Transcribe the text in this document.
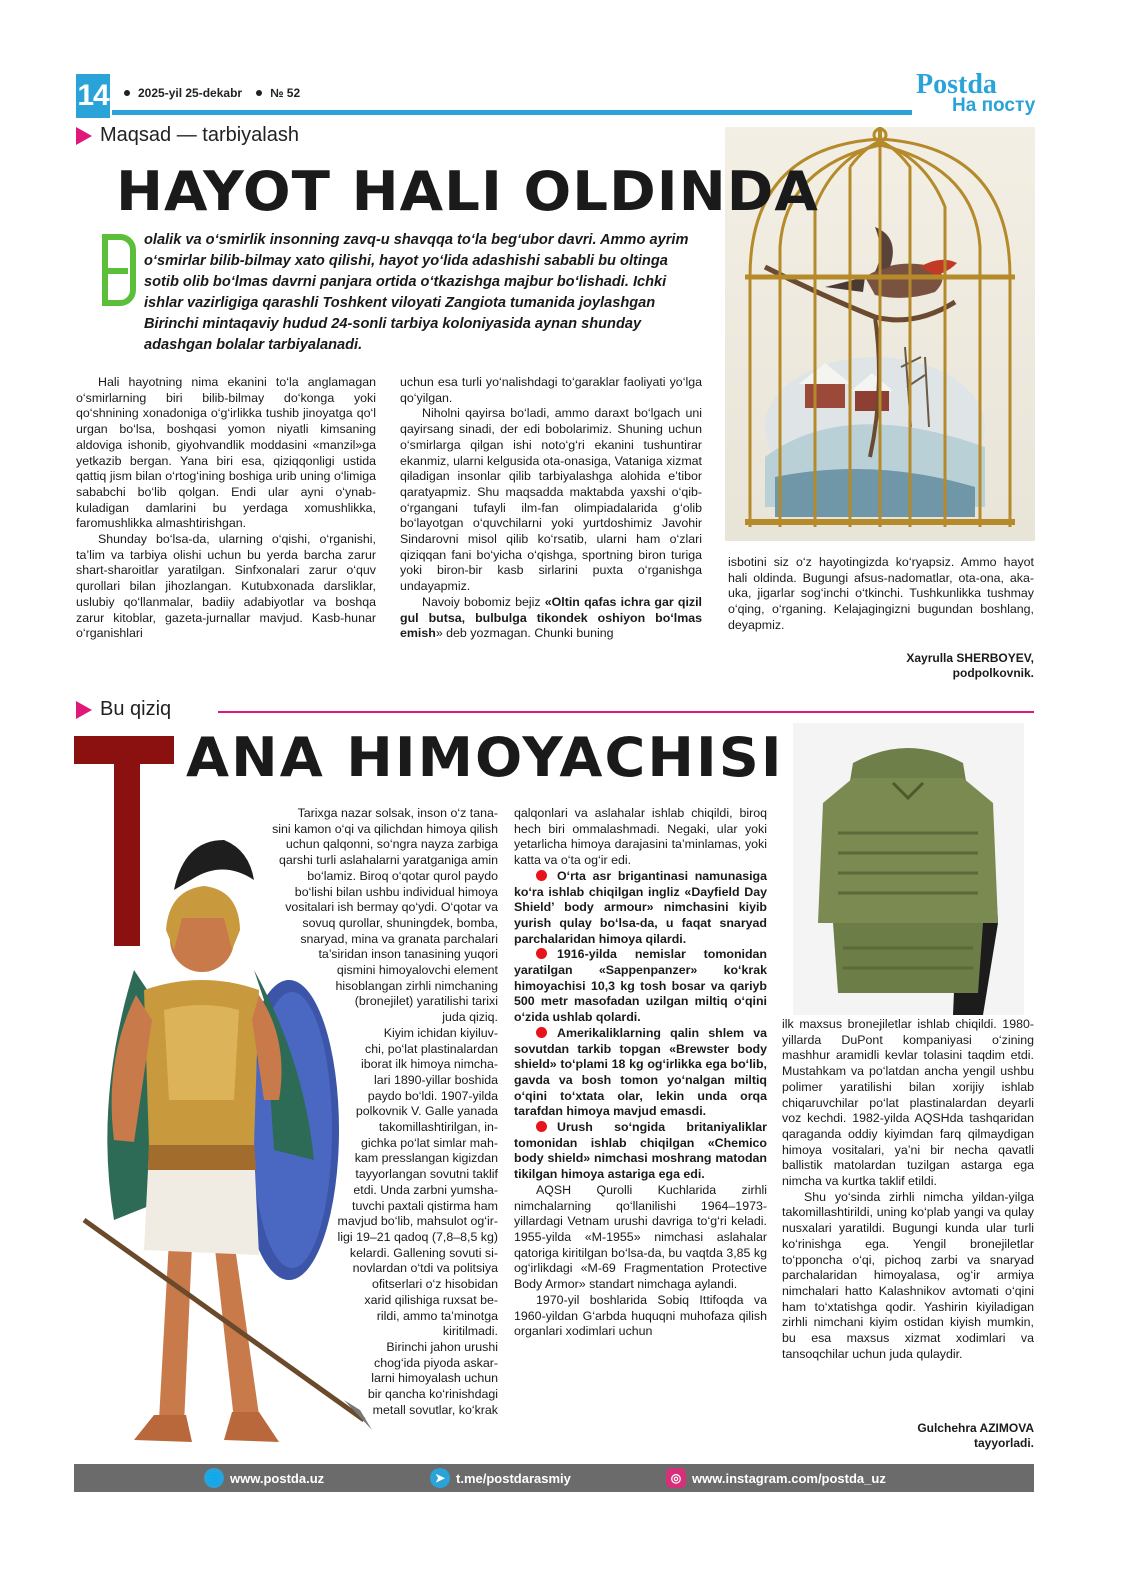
14 2025-yil 25-dekabr № 52	Postda
На посту
Maqsad — tarbiyalash
HAYOT HALI OLDINDA
olalik va o‘smirlik insonning zavq-u shavqqa to‘la beg‘ubor davri. Ammo ayrim o‘smirlar bilib-bilmay xato qilishi, hayot yo‘lida adashishi sababli bu oltinga sotib olib bo‘lmas davrni panjara ortida o‘tkazishga majbur bo‘lishadi. Ichki ishlar vazirligiga qarashli Toshkent viloyati Zangiota tumanida joylashgan Birinchi mintaqaviy hudud 24-sonli tarbiya koloniyasida aynan shunday adashgan bolalar tarbiyalanadi.

Hali hayotning nima ekanini to‘la anglamagan o‘smirlarning biri bilib-bilmay do‘konga yoki qo‘shnining xonadoniga o‘g‘irlikka tushib jinoyatga qo‘l urgan bo‘lsa, boshqasi yomon niyatli kimsaning aldoviga ishonib, giyohvandlik moddasini «manzil»ga yetkazib bergan. Yana biri esa, qiziqqonligi ustida qattiq jism bilan o‘rtog‘ining boshiga urib uning o‘limiga sababchi bo‘lib qolgan. Endi ular ayni o‘ynab-kuladigan damlarini bu yerdaga xomushlikka, faromushlikka almashtirishgan.

Shunday bo‘lsa-da, ularning o‘qishi, o‘rganishi, ta’lim va tarbiya olishi uchun bu yerda barcha zarur shart-sharoitlar yaratilgan. Sinfxonalari zarur o‘quv qurollari bilan jihozlangan. Kutubxonada darsliklar, uslubiy qo‘llanmalar, badiiy adabiyotlar va boshqa zarur kitoblar, gazeta-jurnallar mavjud. Kasb-hunar o‘rganishlari

uchun esa turli yo‘nalishdagi to‘garaklar faoliyati yo‘lga qo‘yilgan.

Niholni qayirsa bo‘ladi, ammo daraxt bo‘lgach uni qayirsang sinadi, der edi bobolarimiz. Shuning uchun o‘smirlarga qilgan ishi noto‘g‘ri ekanini tushuntirar ekanmiz, ularni kelgusida ota-onasiga, Vataniga xizmat qiladigan insonlar qilib tarbiyalashga alohida e’tibor qaratyapmiz. Shu maqsadda maktabda yaxshi o‘qib-o‘rgangani tufayli ilm-fan olimpiadalarida g‘olib bo‘layotgan o‘quvchilarni yoki yurtdoshimiz Javohir Sindarovni misol qilib ko‘rsatib, ularni ham o‘zlari qiziqqan fani bo‘yicha o‘qishga, sportning biron turiga yoki biron-bir kasb sirlarini puxta o‘rganishga undayapmiz.

Navoiy bobomiz bejiz «Oltin qafas ichra gar qizil gul butsa, bulbulga tikondek oshiyon bo‘lmas emish» deb yozmagan. Chunki buning

isbotini siz o‘z hayotingizda ko‘ryapsiz. Ammo hayot hali oldinda. Bugungi afsus-nadomatlar, ota-ona, aka-uka, jigarlar sog‘inchi o‘tkinchi. Tushkunlikka tushmay o‘qing, o‘rganing. Kelajagingizni bugundan boshlang, deyapmiz.

Xayrulla SHERBOYEV,
podpolkovnik.
Bu qiziq
ANA HIMOYACHISI
Tarixga nazar solsak, inson o‘z tana-
sini kamon o‘qi va qilichdan himoya qilish
uchun qalqonni, so‘ngra nayza zarbiga
qarshi turli aslahalarni yaratganiga amin
bo‘lamiz. Biroq o‘qotar qurol paydo
bo‘lishi bilan ushbu individual himoya
vositalari ish bermay qo‘ydi. O‘qotar va
sovuq qurollar, shuningdek, bomba,
snaryad, mina va granata parchalari
ta’siridan inson tanasining yuqori
qismini himoyalovchi element
hisoblangan zirhli nimchaning
(bronejilet) yaratilishi tarixi
juda qiziq.
Kiyim ichidan kiyiluv-
chi, po‘lat plastinalardan
iborat ilk himoya nimcha-
lari 1890-yillar boshida
paydo bo‘ldi. 1907-yilda
polkovnik V. Galle yanada
takomillashtirilgan, in-
gichka po‘lat simlar mah-
kam presslangan kigizdan
tayyorlangan sovutni taklif
etdi. Unda zarbni yumsha-
tuvchi paxtali qistirma ham
mavjud bo‘lib, mahsulot og‘ir-
ligi 19–21 qadoq (7,8–8,5 kg)
kelardi. Gallening sovuti si-
novlardan o‘tdi va politsiya
ofitserlari o‘z hisobidan
xarid qilishiga ruxsat be-
rildi, ammo ta’minotga
kiritilmadi.
Birinchi jahon urushi
chog‘ida piyoda askar-
larni himoyalash uchun
bir qancha ko‘rinishdagi
metall sovutlar, ko‘krak

qalqonlari va aslahalar ishlab chiqildi, biroq hech biri ommalashmadi. Negaki, ular yoki yetarlicha himoya darajasini ta’minlamas, yoki katta va o‘ta og‘ir edi.

O‘rta asr brigantinasi namunasiga ko‘ra ishlab chiqilgan ingliz «Dayfield Day Shield’ body armour» nimchasini kiyib yurish qulay bo‘lsa-da, u faqat snaryad parchalaridan himoya qilardi.

1916-yilda nemislar tomonidan yaratilgan «Sappenpanzer» ko‘krak himoyachisi 10,3 kg tosh bosar va qariyb 500 metr masofadan uzilgan miltiq o‘qini o‘zida ushlab qolardi.

Amerikaliklarning qalin shlem va sovutdan tarkib topgan «Brewster body shield» to‘plami 18 kg og‘irlikka ega bo‘lib, gavda va bosh tomon yo‘nalgan miltiq o‘qini to‘xtata olar, lekin unda orqa tarafdan himoya mavjud emasdi.

Urush so‘ngida britaniyaliklar tomonidan ishlab chiqilgan «Chemico body shield» nimchasi moshrang matodan tikilgan himoya astariga ega edi.

AQSH Qurolli Kuchlarida zirhli nimchalarning qo‘llanilishi 1964–1973-yillardagi Vetnam urushi davriga to‘g‘ri keladi. 1955-yilda «M-1955» nimchasi aslahalar qatoriga kiritilgan bo‘lsa-da, bu vaqtda 3,85 kg og‘irlikdagi «M-69 Fragmentation Protective Body Armor» standart nimchaga aylandi.

1970-yil boshlarida Sobiq Ittifoqda va 1960-yildan G‘arbda huquqni muhofaza qilish organlari xodimlari uchun

ilk maxsus bronejiletlar ishlab chiqildi. 1980-yillarda DuPont kompaniyasi o‘zining mashhur aramidli kevlar tolasini taqdim etdi. Mustahkam va po‘latdan ancha yengil ushbu polimer yaratilishi bilan xorijiy ishlab chiqaruvchilar po‘lat plastinalardan deyarli voz kechdi. 1982-yilda AQSHda tashqaridan qaraganda oddiy kiyimdan farq qilmaydigan himoya vositalari, ya’ni bir necha qavatli ballistik matolardan tuzilgan astarga ega nimcha va kurtka taklif etildi.

Shu yo‘sinda zirhli nimcha yildan-yilga takomillashtirildi, uning ko‘plab yangi va qulay nusxalari yaratildi. Bugungi kunda ular turli ko‘rinishga ega. Yengil bronejiletlar to‘pponcha o‘qi, pichoq zarbi va snaryad parchalaridan himoyalasa, og‘ir armiya nimchalari hatto Kalashnikov avtomati o‘qini ham to‘xtatishga qodir. Yashirin kiyiladigan zirhli nimchani kiyim ostidan kiyish mumkin, bu esa maxsus xizmat xodimlari va tansoqchilar uchun juda qulaydir.

Gulchehra AZIMOVA
tayyorladi.
🌐 www.postda.uz	➤ t.me/postdarasmiy	◎ www.instagram.com/postda_uz
